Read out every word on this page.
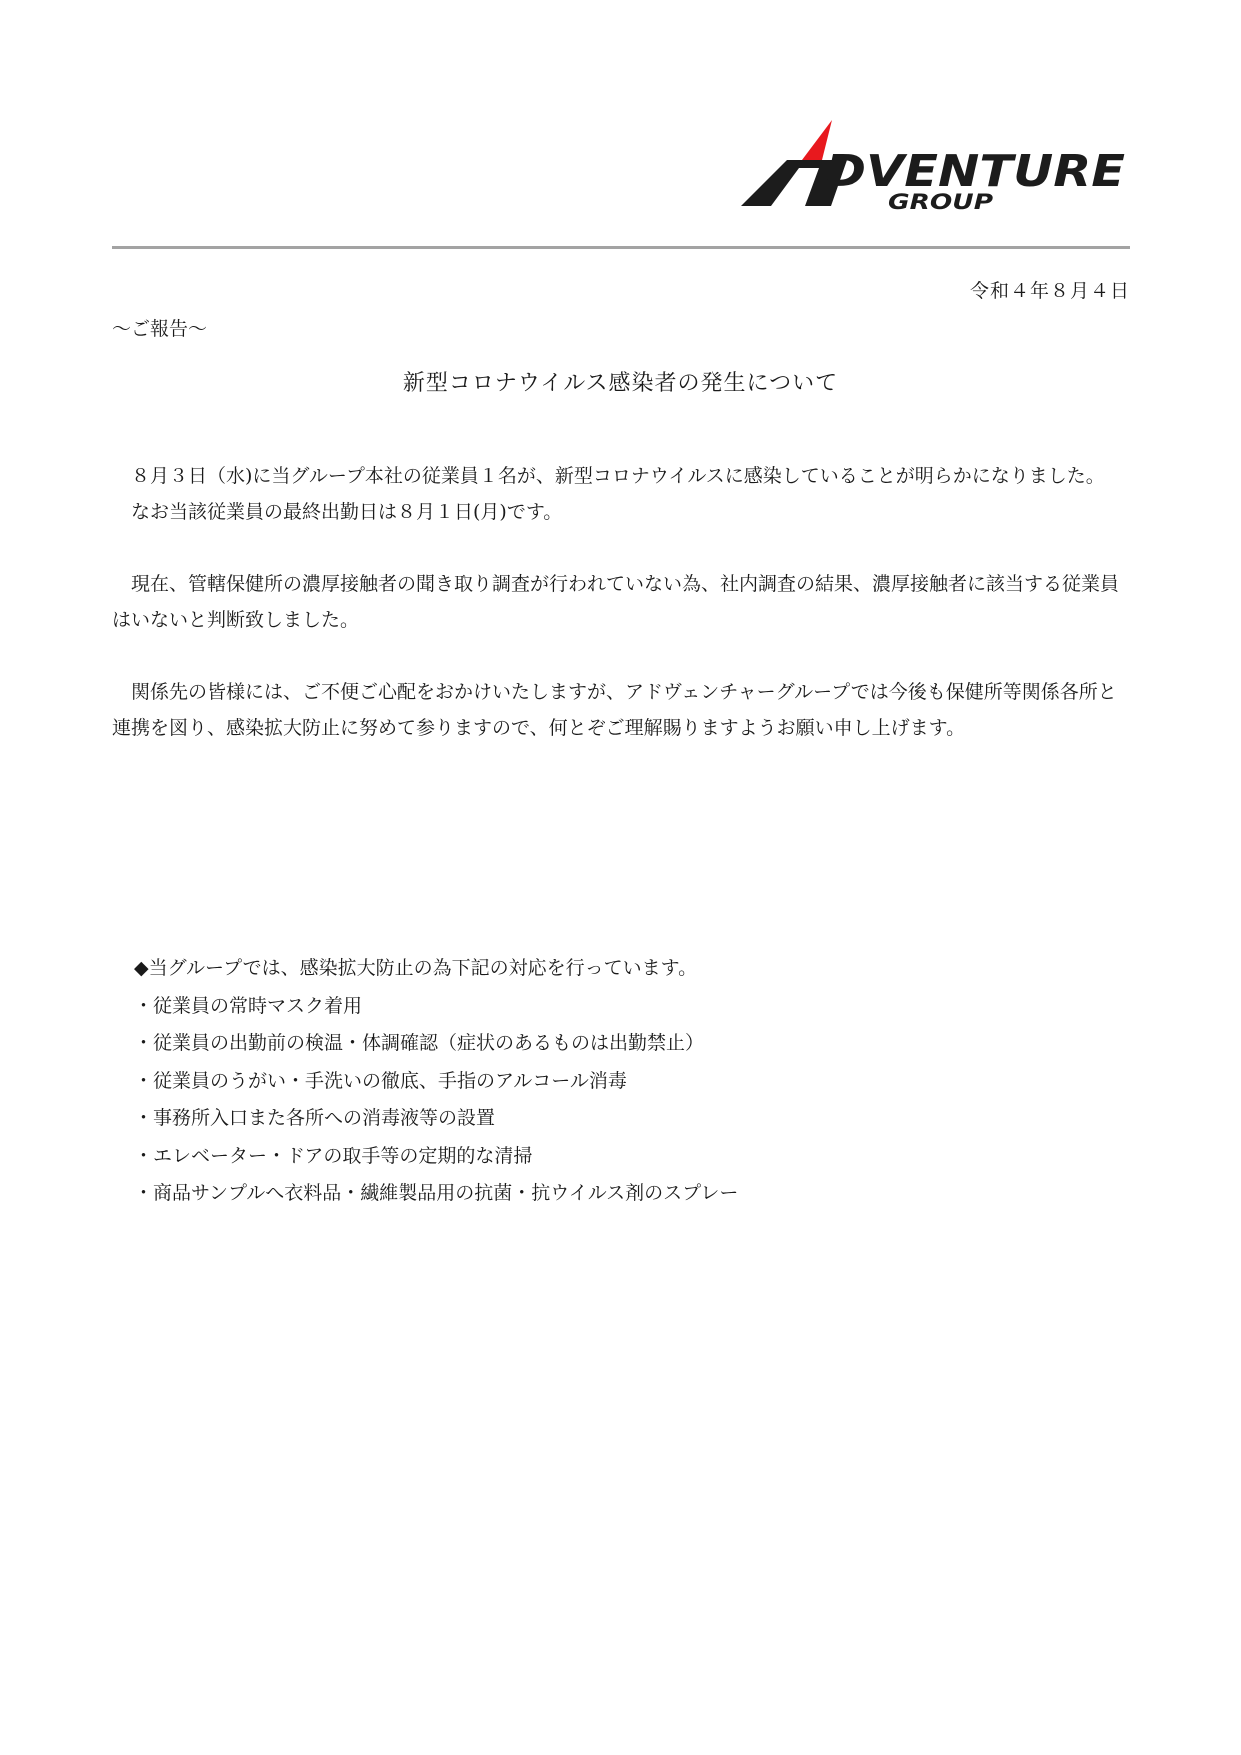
DVENTURE
GROUP
令和４年８月４日
～ご報告～
新型コロナウイルス感染者の発生について

８月３日（水)に当グループ本社の従業員１名が、新型コロナウイルスに感染していることが明らかになりました。

なお当該従業員の最終出勤日は８月１日(月)です。

現在、管轄保健所の濃厚接触者の聞き取り調査が行われていない為、社内調査の結果、濃厚接触者に該当する従業員はいないと判断致しました。

関係先の皆様には、ご不便ご心配をおかけいたしますが、アドヴェンチャーグループでは今後も保健所等関係各所と連携を図り、感染拡大防止に努めて参りますので、何とぞご理解賜りますようお願い申し上げます。

◆当グループでは、感染拡大防止の為下記の対応を行っています。
・従業員の常時マスク着用
・従業員の出勤前の検温・体調確認（症状のあるものは出勤禁止）
・従業員のうがい・手洗いの徹底、手指のアルコール消毒
・事務所入口また各所への消毒液等の設置
・エレベーター・ドアの取手等の定期的な清掃
・商品サンプルへ衣料品・繊維製品用の抗菌・抗ウイルス剤のスプレー
